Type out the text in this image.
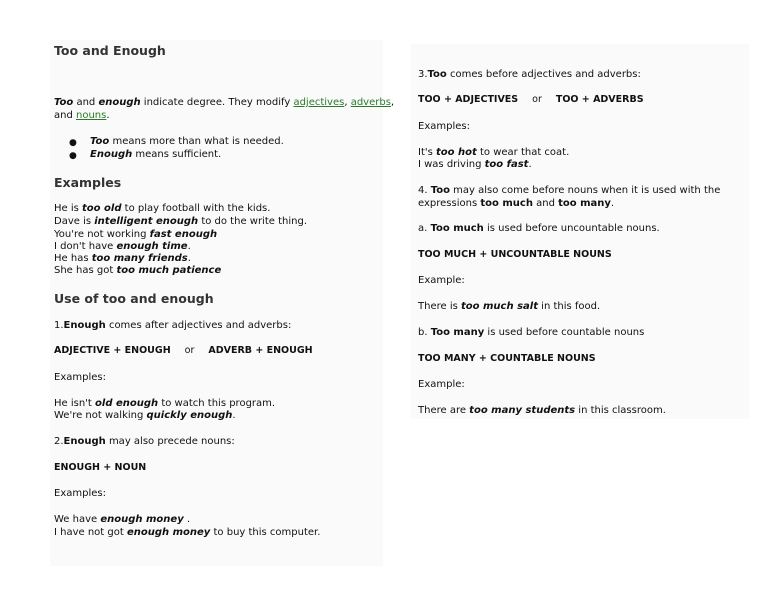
Too and Enough
Too and enough indicate degree. They modify adjectives, adverbs,
and nouns.
● Too means more than what is needed.
● Enough means sufficient.
Examples
He is too old to play football with the kids.
Dave is intelligent enough to do the write thing.
You're not working fast enough
I don't have enough time.
He has too many friends.
She has got too much patience
Use of too and enough
1.Enough comes after adjectives and adverbs:
ADJECTIVE + ENOUGH or ADVERB + ENOUGH
Examples:
He isn't old enough to watch this program.
We're not walking quickly enough.
2.Enough may also precede nouns:
ENOUGH + NOUN
Examples:
We have enough money .
I have not got enough money to buy this computer.
3.Too comes before adjectives and adverbs:
TOO + ADJECTIVES or TOO + ADVERBS
Examples:
It's too hot to wear that coat.
I was driving too fast.
4. Too may also come before nouns when it is used with the
expressions too much and too many.
a. Too much is used before uncountable nouns.
TOO MUCH + UNCOUNTABLE NOUNS
Example:
There is too much salt in this food.
b. Too many is used before countable nouns
TOO MANY + COUNTABLE NOUNS
Example:
There are too many students in this classroom.
